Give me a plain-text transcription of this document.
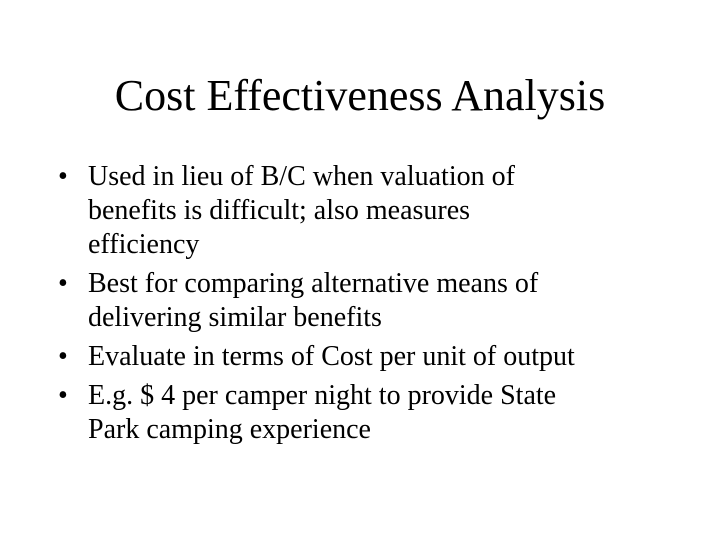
Cost Effectiveness Analysis
• Used in lieu of B/C when valuation of
benefits is difficult; also measures
efficiency
• Best for comparing alternative means of
delivering similar benefits
• Evaluate in terms of Cost per unit of output
• E.g. $ 4 per camper night to provide State
Park camping experience
